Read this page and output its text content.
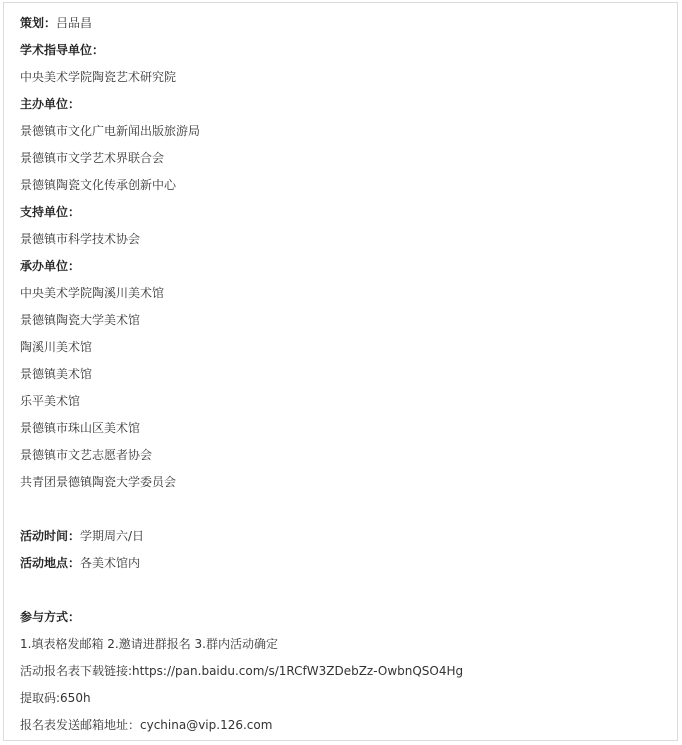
策划：吕品昌
学术指导单位：
中央美术学院陶瓷艺术研究院
主办单位：
景德镇市文化广电新闻出版旅游局
景德镇市文学艺术界联合会
景德镇陶瓷文化传承创新中心
支持单位：
景德镇市科学技术协会
承办单位：
中央美术学院陶溪川美术馆
景德镇陶瓷大学美术馆
陶溪川美术馆
景德镇美术馆
乐平美术馆
景德镇市珠山区美术馆
景德镇市文艺志愿者协会
共青团景德镇陶瓷大学委员会
活动时间：学期周六/日
活动地点：各美术馆内
参与方式：
1.填表格发邮箱 2.邀请进群报名 3.群内活动确定
活动报名表下载链接:https://pan.baidu.com/s/1RCfW3ZDebZz-OwbnQSO4Hg
提取码:650h
报名表发送邮箱地址：cychina@vip.126.com
